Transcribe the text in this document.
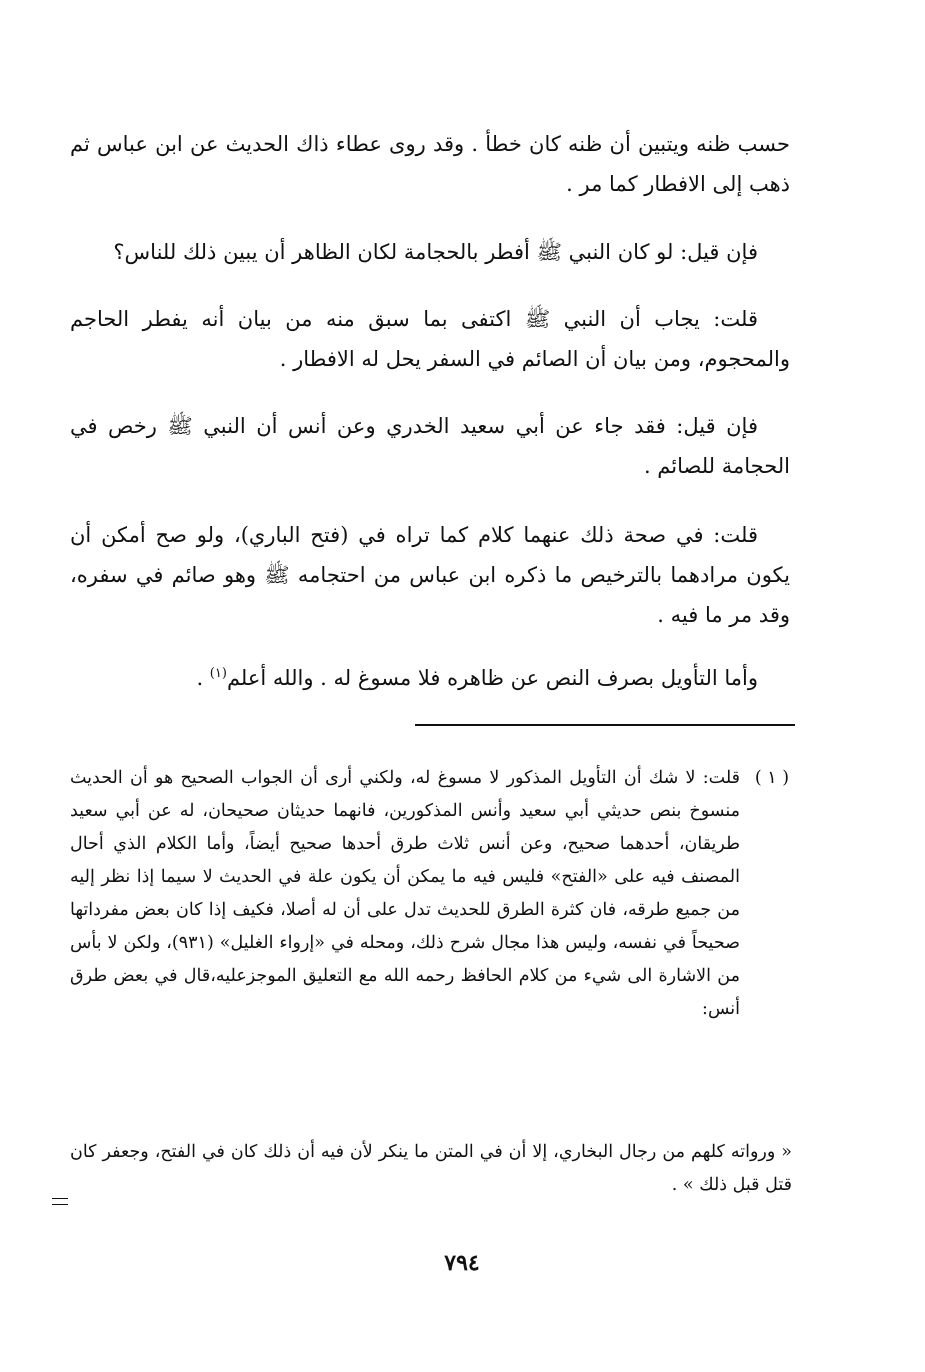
حسب ظنه ويتبين أن ظنه كان خطأ . وقد روى عطاء ذاك الحديث عن ابن عباس ثم ذهب إلى الافطار كما مر .

فإن قيل: لو كان النبي ﷺ أفطر بالحجامة لكان الظاهر أن يبين ذلك للناس؟

قلت: يجاب أن النبي ﷺ اكتفى بما سبق منه من بيان أنه يفطر الحاجم والمحجوم، ومن بيان أن الصائم في السفر يحل له الافطار .

فإن قيل: فقد جاء عن أبي سعيد الخدري وعن أنس أن النبي ﷺ رخص في الحجامة للصائم .

قلت: في صحة ذلك عنهما كلام كما تراه في (فتح الباري)، ولو صح أمكن أن يكون مرادهما بالترخيص ما ذكره ابن عباس من احتجامه ﷺ وهو صائم في سفره، وقد مر ما فيه .

وأما التأويل بصرف النص عن ظاهره فلا مسوغ له . والله أعلم$^{(١)}$ .

( ١ )
قلت: لا شك أن التأويل المذكور لا مسوغ له، ولكني أرى أن الجواب الصحيح هو أن الحديث منسوخ بنص حديثي أبي سعيد وأنس المذكورين، فانهما حديثان صحيحان، له عن أبي سعيد طريقان، أحدهما صحيح، وعن أنس ثلاث طرق أحدها صحيح أيضاً، وأما الكلام الذي أحال المصنف فيه على «الفتح» فليس فيه ما يمكن أن يكون علة في الحديث لا سيما إذا نظر إليه من جميع طرقه، فان كثرة الطرق للحديث تدل على أن له أصلا، فكيف إذا كان بعض مفرداتها صحيحاً في نفسه، وليس هذا مجال شرح ذلك، ومحله في «إرواء الغليل» (٩٣١)، ولكن لا بأس من الاشارة الى شيء من كلام الحافظ رحمه الله مع التعليق الموجزعليه،قال في بعض طرق أنس:
« ورواته كلهم من رجال البخاري، إلا أن في المتن ما ينكر لأن فيه أن ذلك كان في الفتح، وجعفر كان قتل قبل ذلك » .
٧٩٤
